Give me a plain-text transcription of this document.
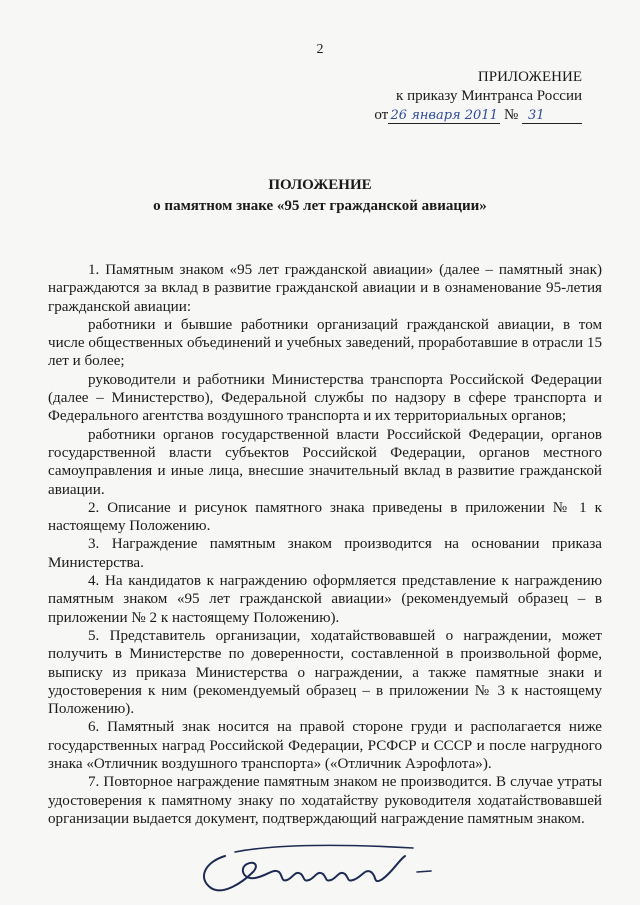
2
ПРИЛОЖЕНИЕ
к приказу Минтранса России
от 26 января 2011 № 31
ПОЛОЖЕНИЕ
о памятном знаке «95 лет гражданской авиации»

1. Памятным знаком «95 лет гражданской авиации» (далее – памятный знак) награждаются за вклад в развитие гражданской авиации и в ознаменование 95-летия гражданской авиации:

работники и бывшие работники организаций гражданской авиации, в том числе общественных объединений и учебных заведений, проработавшие в отрасли 15 лет и более;

руководители и работники Министерства транспорта Российской Федерации (далее – Министерство), Федеральной службы по надзору в сфере транспорта и Федерального агентства воздушного транспорта и их территориальных органов;

работники органов государственной власти Российской Федерации, органов государственной власти субъектов Российской Федерации, органов местного самоуправления и иные лица, внесшие значительный вклад в развитие гражданской авиации.

2. Описание и рисунок памятного знака приведены в приложении № 1 к настоящему Положению.

3. Награждение памятным знаком производится на основании приказа Министерства.

4. На кандидатов к награждению оформляется представление к награждению памятным знаком «95 лет гражданской авиации» (рекомендуемый образец – в приложении № 2 к настоящему Положению).

5. Представитель организации, ходатайствовавшей о награждении, может получить в Министерстве по доверенности, составленной в произвольной форме, выписку из приказа Министерства о награждении, а также памятные знаки и удостоверения к ним (рекомендуемый образец – в приложении № 3 к настоящему Положению).

6. Памятный знак носится на правой стороне груди и располагается ниже государственных наград Российской Федерации, РСФСР и СССР и после нагрудного знака «Отличник воздушного транспорта» («Отличник Аэрофлота»).

7. Повторное награждение памятным знаком не производится. В случае утраты удостоверения к памятному знаку по ходатайству руководителя ходатайствовавшей организации выдается документ, подтверждающий награждение памятным знаком.
